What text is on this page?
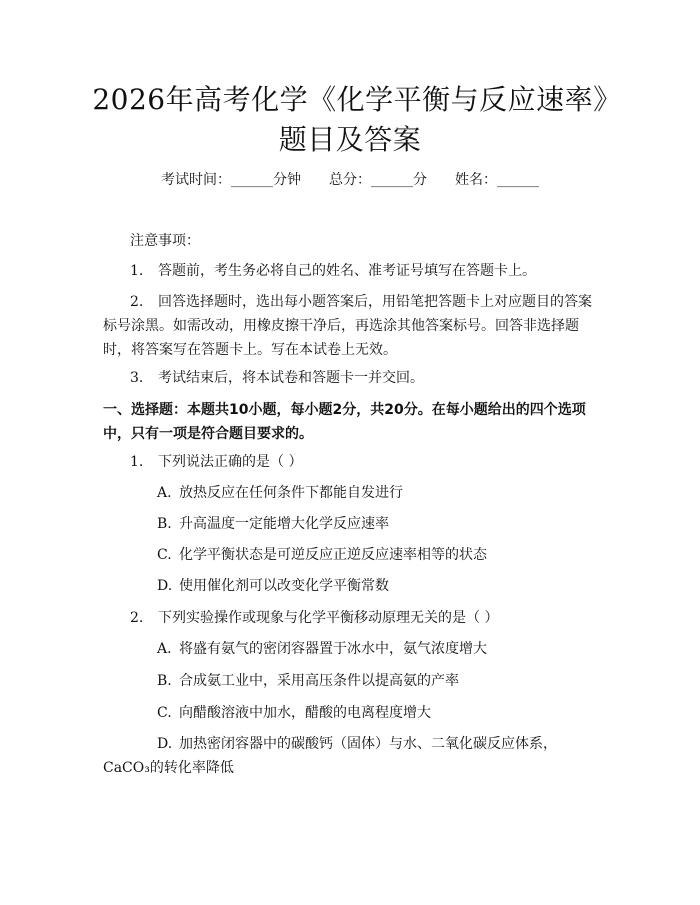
2026年高考化学《化学平衡与反应速率》题目及答案
考试时间：______分钟 总分：______分 姓名：______
注意事项：
1. 答题前，考生务必将自己的姓名、准考证号填写在答题卡上。
2. 回答选择题时，选出每小题答案后，用铅笔把答题卡上对应题目的答案标号涂黑。如需改动，用橡皮擦干净后，再选涂其他答案标号。回答非选择题时，将答案写在答题卡上。写在本试卷上无效。
3. 考试结束后，将本试卷和答题卡一并交回。
一、选择题：本题共10小题，每小题2分，共20分。在每小题给出的四个选项中，只有一项是符合题目要求的。
1. 下列说法正确的是（ ）
A. 放热反应在任何条件下都能自发进行
B. 升高温度一定能增大化学反应速率
C. 化学平衡状态是可逆反应正逆反应速率相等的状态
D. 使用催化剂可以改变化学平衡常数
2. 下列实验操作或现象与化学平衡移动原理无关的是（ ）
A. 将盛有氨气的密闭容器置于冰水中，氨气浓度增大
B. 合成氨工业中，采用高压条件以提高氨的产率
C. 向醋酸溶液中加水，醋酸的电离程度增大
D. 加热密闭容器中的碳酸钙（固体）与水、二氧化碳反应体系，CaCO₃的转化率降低
